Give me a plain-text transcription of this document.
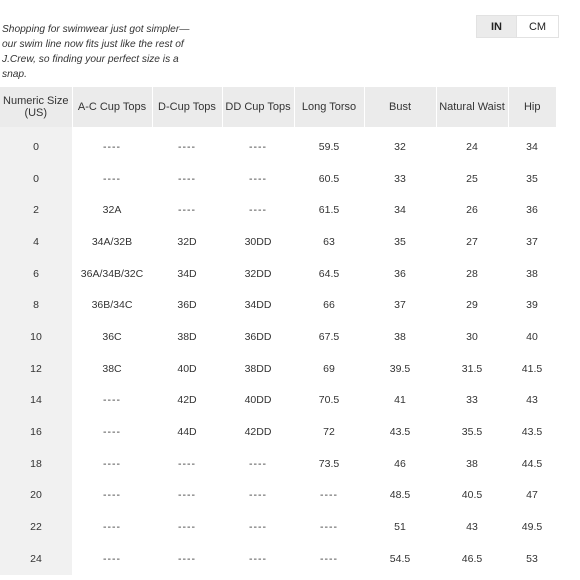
Shopping for swimwear just got simpler—our swim line now fits just like the rest of J.Crew, so finding your perfect size is a snap.

IN	CM
Numeric Size (US)	A-C Cup Tops	D-Cup Tops	DD Cup Tops	Long Torso	Bust	Natural Waist	Hip

0	----	----	----	59.5	32	24	34
0	----	----	----	60.5	33	25	35
2	32A	----	----	61.5	34	26	36
4	34A/32B	32D	30DD	63	35	27	37
6	36A/34B/32C	34D	32DD	64.5	36	28	38
8	36B/34C	36D	34DD	66	37	29	39
10	36C	38D	36DD	67.5	38	30	40
12	38C	40D	38DD	69	39.5	31.5	41.5
14	----	42D	40DD	70.5	41	33	43
16	----	44D	42DD	72	43.5	35.5	43.5
18	----	----	----	73.5	46	38	44.5
20	----	----	----	----	48.5	40.5	47
22	----	----	----	----	51	43	49.5
24	----	----	----	----	54.5	46.5	53
